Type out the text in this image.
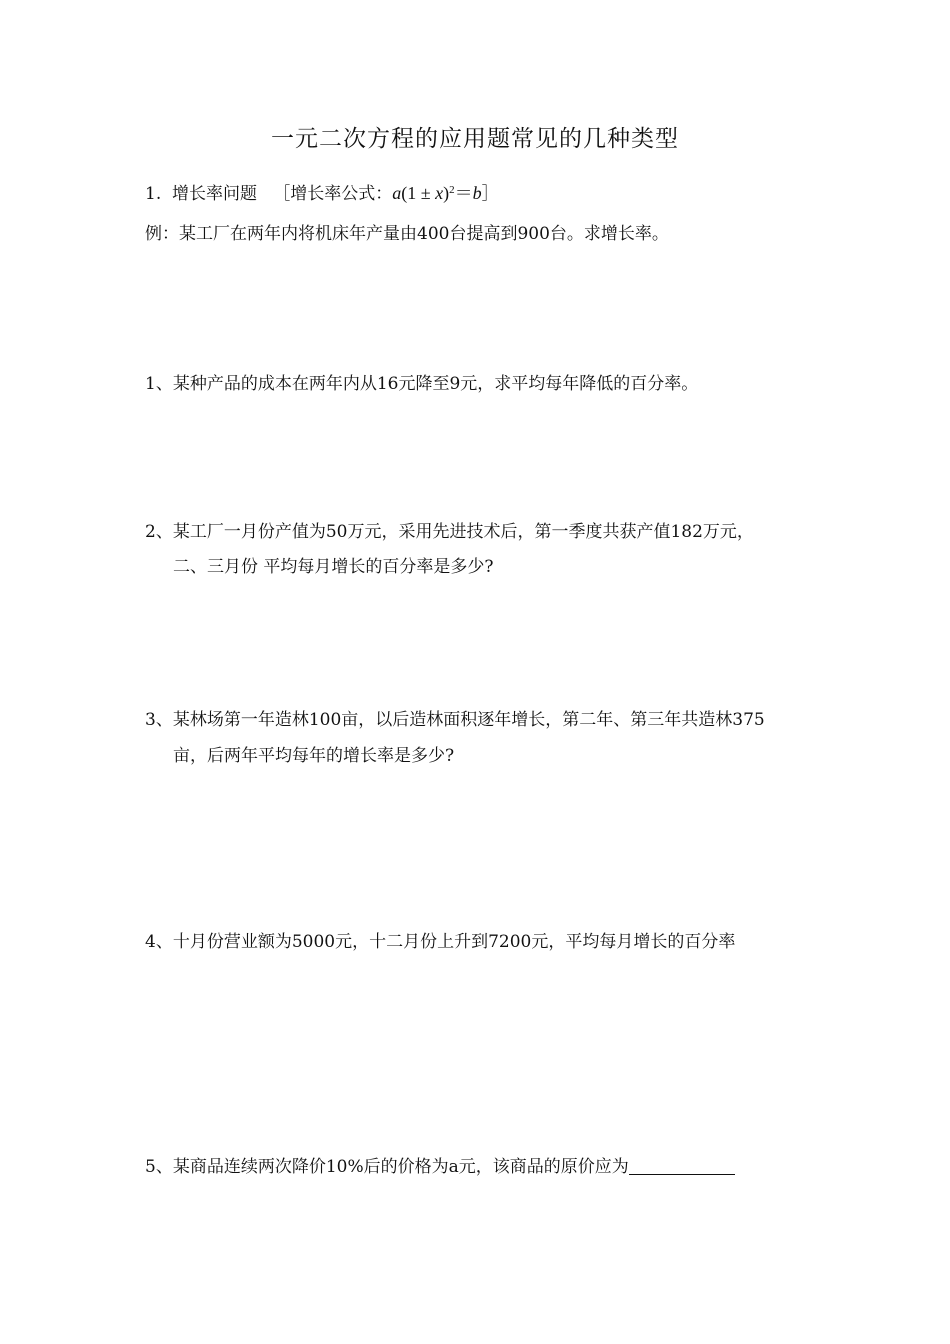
一元二次方程的应用题常见的几种类型
1. 增长率问题 ［增长率公式：$a(1 \pm x)^2=b]$
例：某工厂在两年内将机床年产量由400台提高到900台。求增长率。
1、某种产品的成本在两年内从16元降至9元，求平均每年降低的百分率。
2、某工厂一月份产值为50万元，采用先进技术后，第一季度共获产值182万元，
二、三月份 平均每月增长的百分率是多少?
3、某林场第一年造林100亩，以后造林面积逐年增长，第二年、第三年共造林375
亩，后两年平均每年的增长率是多少?
4、十月份营业额为5000元，十二月份上升到7200元，平均每月增长的百分率
5、某商品连续两次降价10%后的价格为a元，该商品的原价应为
